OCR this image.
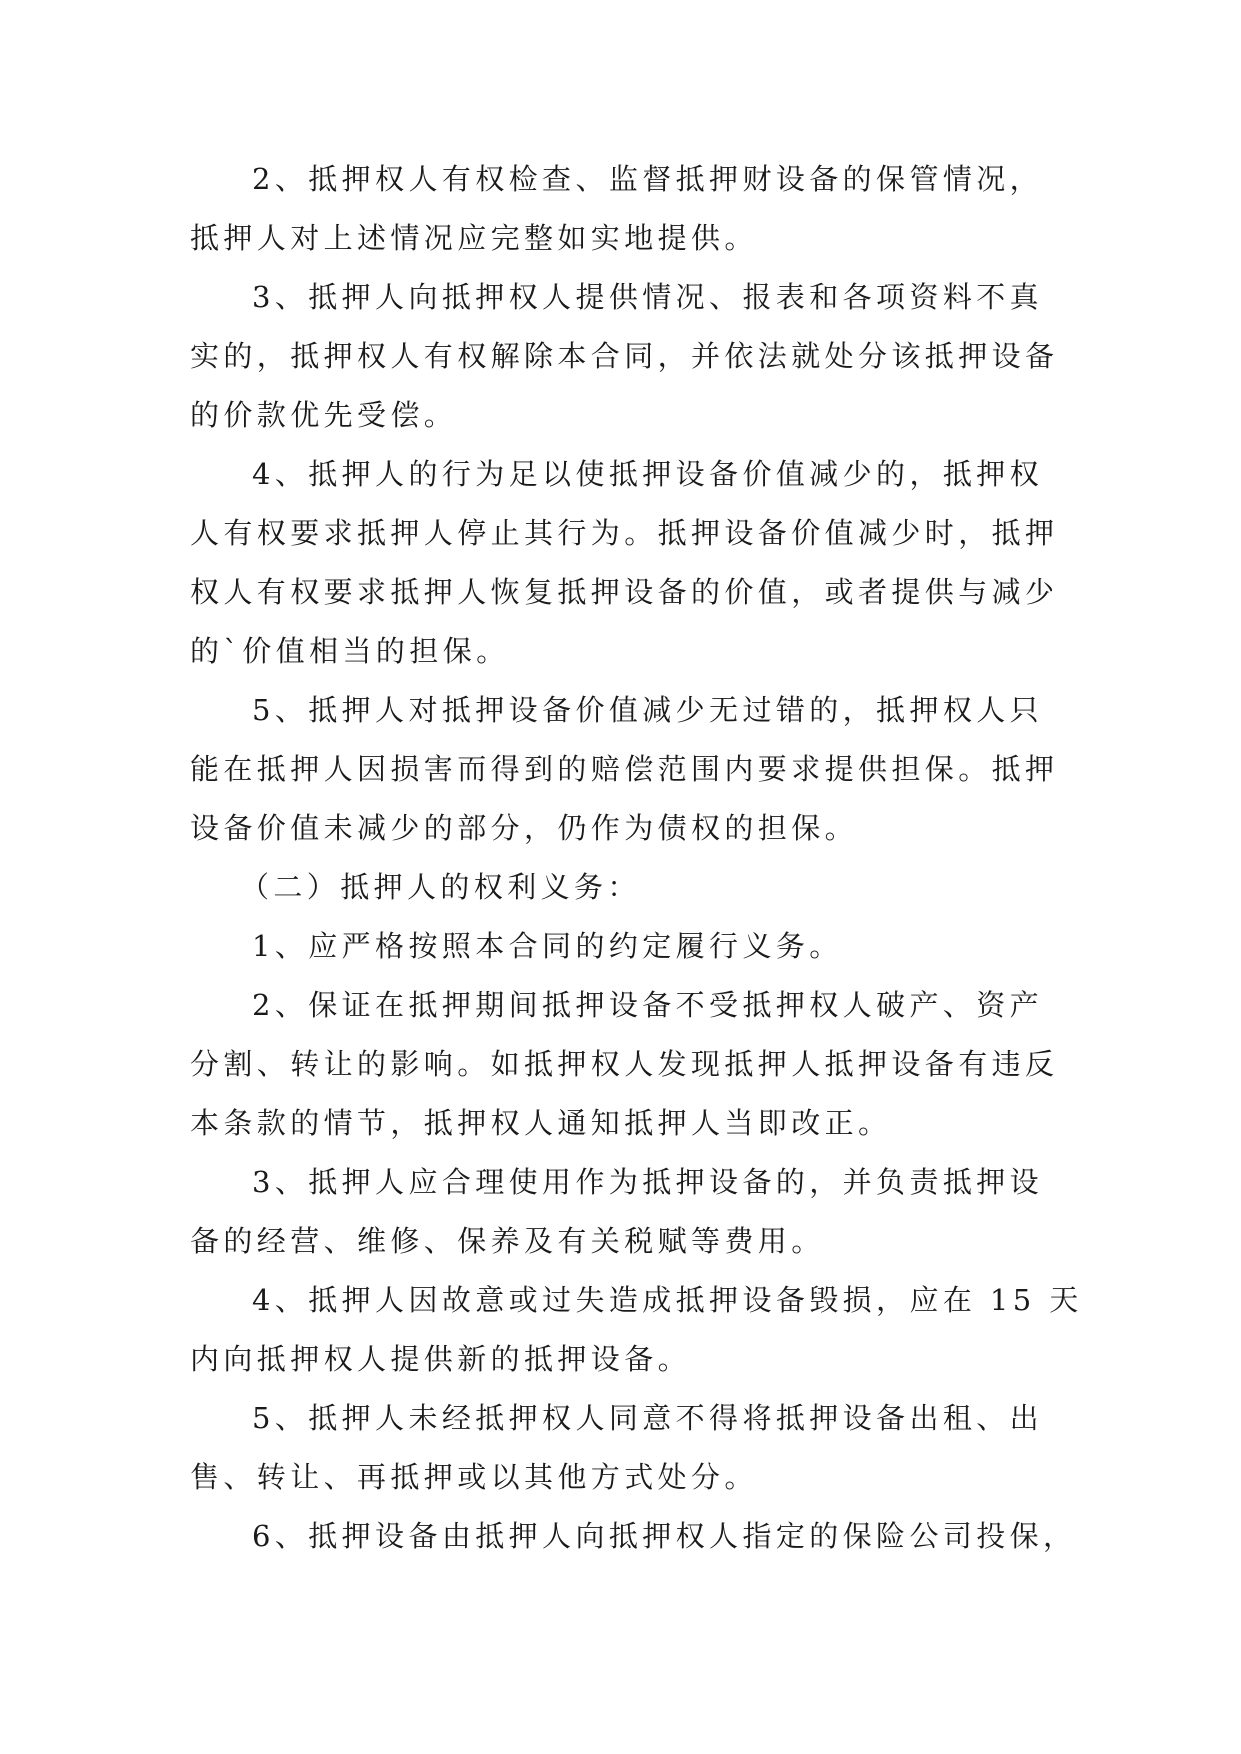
2、抵押权人有权检查、监督抵押财设备的保管情况，
抵押人对上述情况应完整如实地提供。

3、抵押人向抵押权人提供情况、报表和各项资料不真
实的，抵押权人有权解除本合同，并依法就处分该抵押设备
的价款优先受偿。

4、抵押人的行为足以使抵押设备价值减少的，抵押权
人有权要求抵押人停止其行为。抵押设备价值减少时，抵押
权人有权要求抵押人恢复抵押设备的价值，或者提供与减少
的`价值相当的担保。

5、抵押人对抵押设备价值减少无过错的，抵押权人只
能在抵押人因损害而得到的赔偿范围内要求提供担保。抵押
设备价值未减少的部分，仍作为债权的担保。

（二）抵押人的权利义务：

1、应严格按照本合同的约定履行义务。

2、保证在抵押期间抵押设备不受抵押权人破产、资产
分割、转让的影响。如抵押权人发现抵押人抵押设备有违反
本条款的情节，抵押权人通知抵押人当即改正。

3、抵押人应合理使用作为抵押设备的，并负责抵押设
备的经营、维修、保养及有关税赋等费用。

4、抵押人因故意或过失造成抵押设备毁损，应在 15 天
内向抵押权人提供新的抵押设备。

5、抵押人未经抵押权人同意不得将抵押设备出租、出
售、转让、再抵押或以其他方式处分。

6、抵押设备由抵押人向抵押权人指定的保险公司投保，
